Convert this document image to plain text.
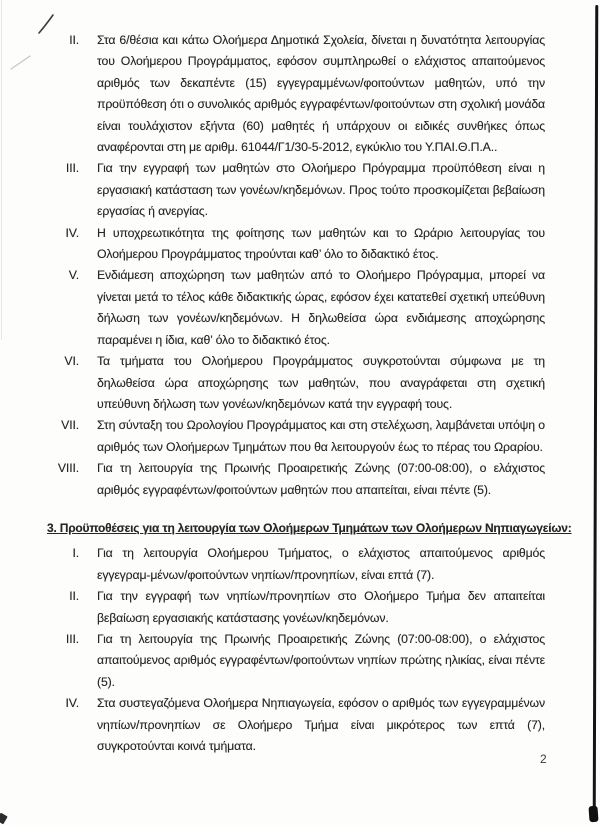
II. Στα 6/θέσια και κάτω Ολοήμερα Δημοτικά Σχολεία, δίνεται η δυνατότητα λειτουργίας του Ολοήμερου Προγράμματος, εφόσον συμπληρωθεί ο ελάχιστος απαιτούμενος αριθμός των δεκαπέντε (15) εγγεγραμμένων/φοιτούντων μαθητών, υπό την προϋπόθεση ότι ο συνολικός αριθμός εγγραφέντων/φοιτούντων στη σχολική μονάδα είναι τουλάχιστον εξήντα (60) μαθητές ή υπάρχουν οι ειδικές συνθήκες όπως αναφέρονται στη με αριθμ. 61044/Γ1/30-5-2012, εγκύκλιο του Υ.ΠΑΙ.Θ.Π.Α..
III. Για την εγγραφή των μαθητών στο Ολοήμερο Πρόγραμμα προϋπόθεση είναι η εργασιακή κατάσταση των γονέων/κηδεμόνων. Προς τούτο προσκομίζεται βεβαίωση εργασίας ή ανεργίας.
IV. Η υποχρεωτικότητα της φοίτησης των μαθητών και το Ωράριο λειτουργίας του Ολοήμερου Προγράμματος τηρούνται καθ’ όλο το διδακτικό έτος.
V. Ενδιάμεση αποχώρηση των μαθητών από το Ολοήμερο Πρόγραμμα, μπορεί να γίνεται μετά το τέλος κάθε διδακτικής ώρας, εφόσον έχει κατατεθεί σχετική υπεύθυνη δήλωση των γονέων/κηδεμόνων. Η δηλωθείσα ώρα ενδιάμεσης αποχώρησης παραμένει η ίδια, καθ’ όλο το διδακτικό έτος.
VI. Τα τμήματα του Ολοήμερου Προγράμματος συγκροτούνται σύμφωνα με τη δηλωθείσα ώρα αποχώρησης των μαθητών, που αναγράφεται στη σχετική υπεύθυνη δήλωση των γονέων/κηδεμόνων κατά την εγγραφή τους.
VII. Στη σύνταξη του Ωρολογίου Προγράμματος και στη στελέχωση, λαμβάνεται υπόψη ο αριθμός των Ολοήμερων Τμημάτων που θα λειτουργούν έως το πέρας του Ωραρίου.
VIII. Για τη λειτουργία της Πρωινής Προαιρετικής Ζώνης (07:00-08:00), ο ελάχιστος αριθμός εγγραφέντων/φοιτούντων μαθητών που απαιτείται, είναι πέντε (5).
3. Προϋποθέσεις για τη λειτουργία των Ολοήμερων Τμημάτων των Ολοήμερων Νηπιαγωγείων:
I. Για τη λειτουργία Ολοήμερου Τμήματος, ο ελάχιστος απαιτούμενος αριθμός εγγεγραμ-μένων/φοιτούντων νηπίων/προνηπίων, είναι επτά (7).
II. Για την εγγραφή των νηπίων/προνηπίων στο Ολοήμερο Τμήμα δεν απαιτείται βεβαίωση εργασιακής κατάστασης γονέων/κηδεμόνων.
III. Για τη λειτουργία της Πρωινής Προαιρετικής Ζώνης (07:00-08:00), ο ελάχιστος απαιτούμενος αριθμός εγγραφέντων/φοιτούντων νηπίων πρώτης ηλικίας, είναι πέντε (5).
IV. Στα συστεγαζόμενα Ολοήμερα Νηπιαγωγεία, εφόσον ο αριθμός των εγγεγραμμένων νηπίων/προνηπίων σε Ολοήμερο Τμήμα είναι μικρότερος των επτά (7), συγκροτούνται κοινά τμήματα.
2
